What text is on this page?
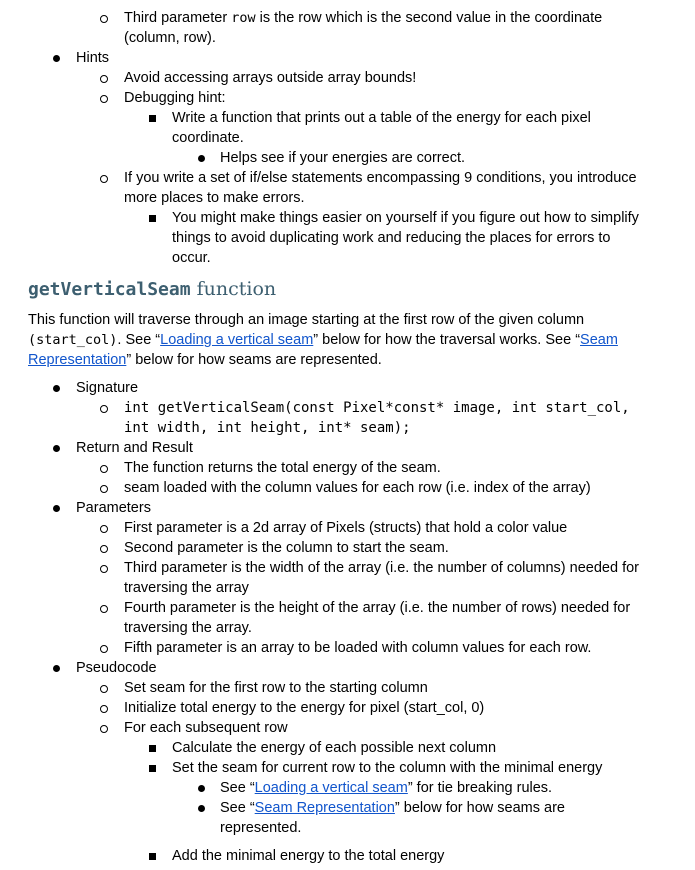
Third parameter row is the row which is the second value in the coordinate
(column, row).
Hints
Avoid accessing arrays outside array bounds!
Debugging hint:
Write a function that prints out a table of the energy for each pixel
coordinate.
Helps see if your energies are correct.
If you write a set of if/else statements encompassing 9 conditions, you introduce
more places to make errors.
You might make things easier on yourself if you figure out how to simplify
things to avoid duplicating work and reducing the places for errors to
occur.
getVerticalSeam function
This function will traverse through an image starting at the first row of the given column
(start_col). See “Loading a vertical seam” below for how the traversal works. See “Seam
Representation” below for how seams are represented.
Signature
int getVerticalSeam(const Pixel*const* image, int start_col,
int width, int height, int* seam);
Return and Result
The function returns the total energy of the seam.
seam loaded with the column values for each row (i.e. index of the array)
Parameters
First parameter is a 2d array of Pixels (structs) that hold a color value
Second parameter is the column to start the seam.
Third parameter is the width of the array (i.e. the number of columns) needed for
traversing the array
Fourth parameter is the height of the array (i.e. the number of rows) needed for
traversing the array.
Fifth parameter is an array to be loaded with column values for each row.
Pseudocode
Set seam for the first row to the starting column
Initialize total energy to the energy for pixel (start_col, 0)
For each subsequent row
Calculate the energy of each possible next column
Set the seam for current row to the column with the minimal energy
See “Loading a vertical seam” for tie breaking rules.
See “Seam Representation” below for how seams are
represented.
Add the minimal energy to the total energy
